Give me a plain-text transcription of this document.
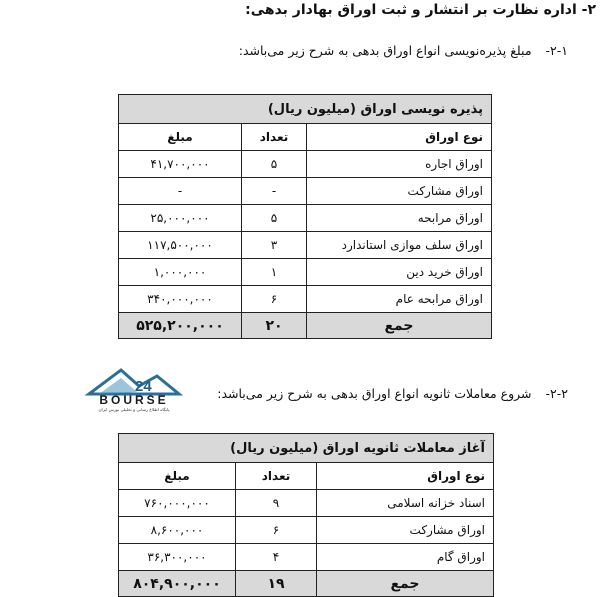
۲- اداره نظارت بر انتشار و ثبت اوراق بهادار بدهی:
۲-۱-مبلغ پذیره‌نویسی انواع اوراق بدهی به شرح زیر می‌باشد:
پذیره نویسی اوراق (میلیون ریال)		
نوع اوراق	تعداد	مبلغ
اوراق اجاره	۵	۴۱,۷۰۰,۰۰۰
اوراق مشارکت	-	-
اوراق مرابحه	۵	۲۵,۰۰۰,۰۰۰
اوراق سلف موازی استاندارد	۳	۱۱۷,۵۰۰,۰۰۰
اوراق خرید دین	۱	۱,۰۰۰,۰۰۰
اوراق مرابحه عام	۶	۳۴۰,۰۰۰,۰۰۰
جمع	۲۰	۵۲۵,۲۰۰,۰۰۰
24
BOURSE
پایگاه اطلاع رسانی و تحلیلی بورس ایران
۲-۲-شروع معاملات ثانویه انواع اوراق بدهی به شرح زیر می‌باشد:
آغاز معاملات ثانویه اوراق (میلیون ریال)		
نوع اوراق	تعداد	مبلغ
اسناد خزانه اسلامی	۹	۷۶۰,۰۰۰,۰۰۰
اوراق مشارکت	۶	۸,۶۰۰,۰۰۰
اوراق گام	۴	۳۶,۳۰۰,۰۰۰
جمع	۱۹	۸۰۴,۹۰۰,۰۰۰
